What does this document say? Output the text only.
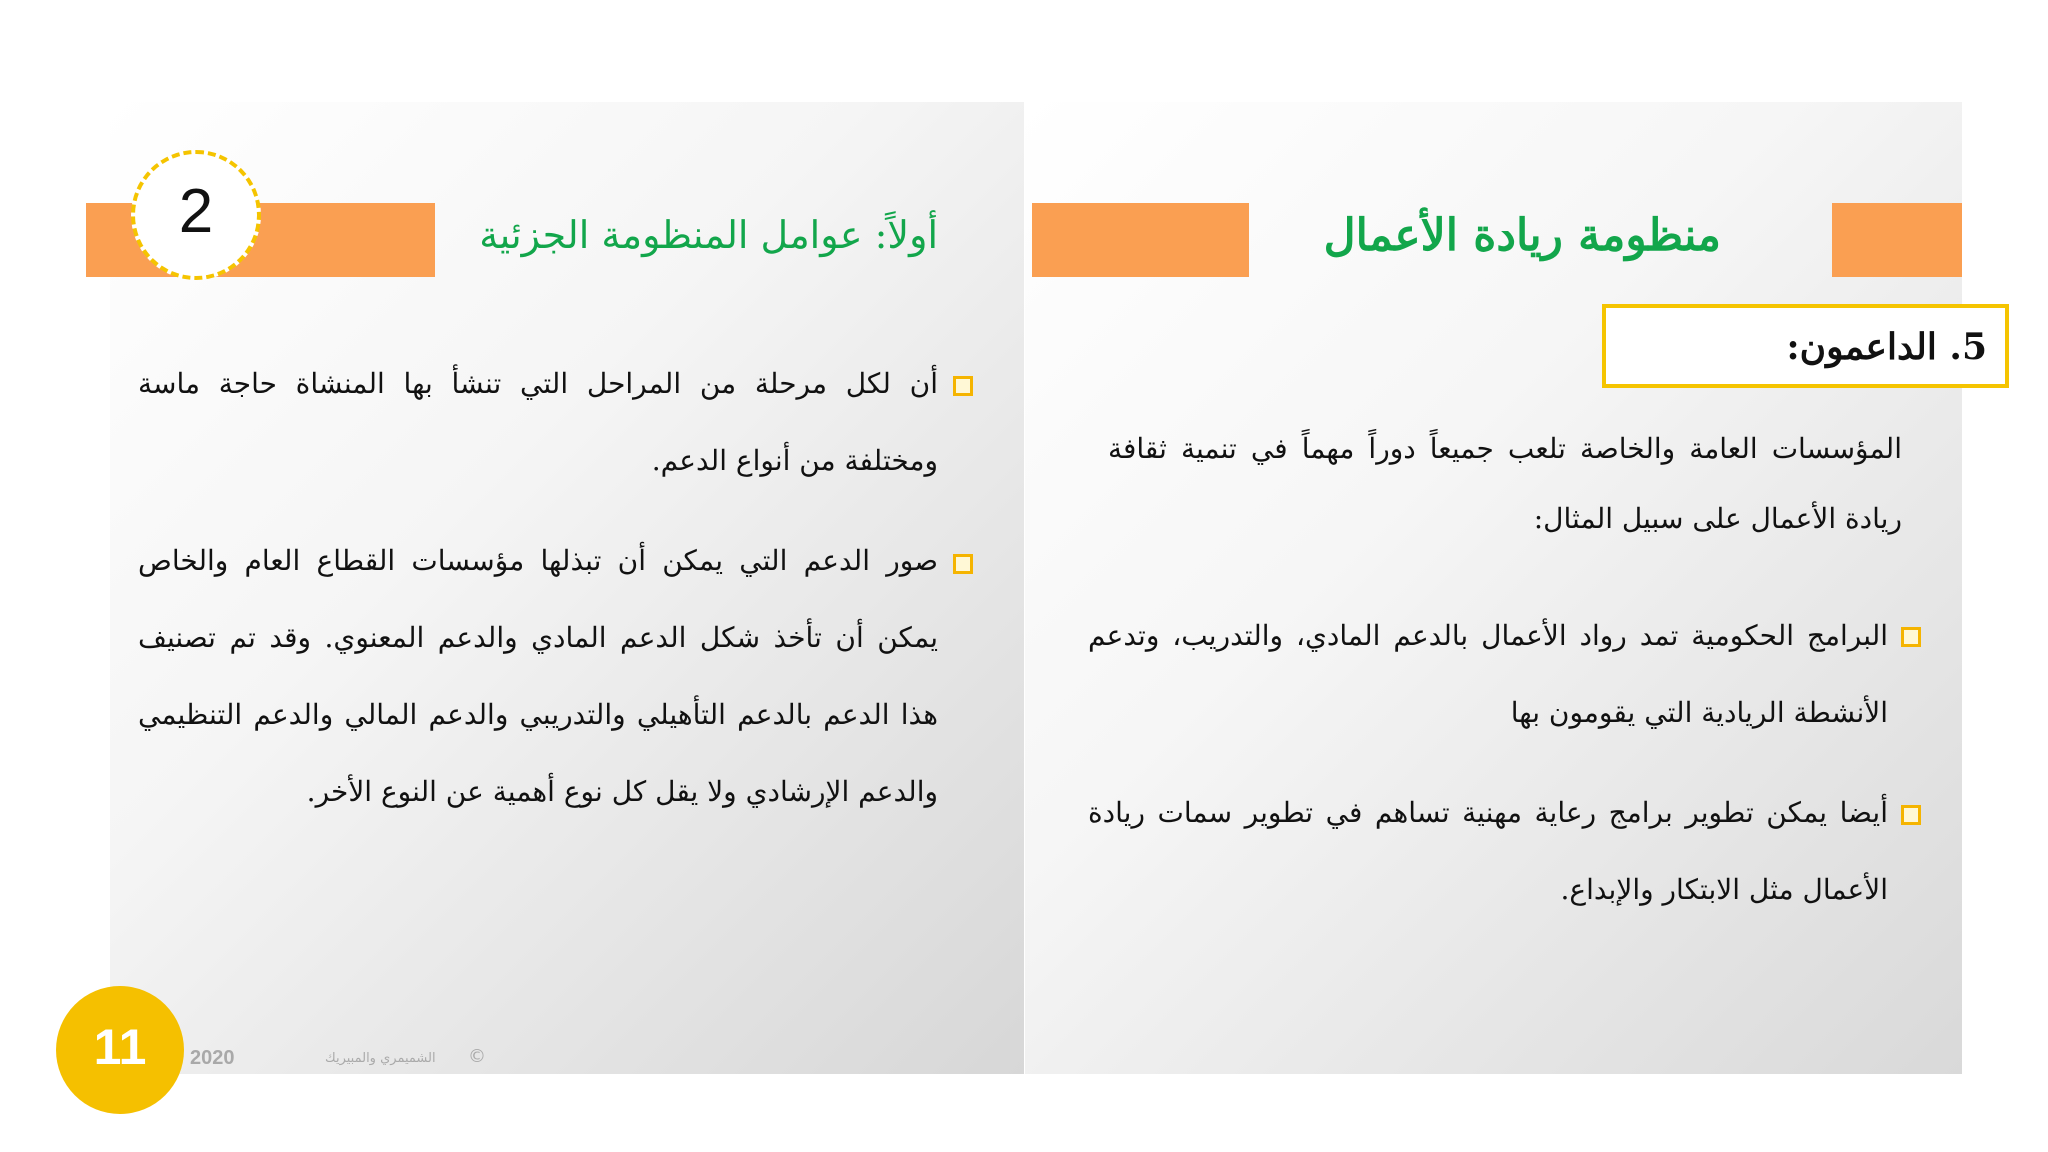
2	أولاً: عوامل المنظومة الجزئية
أن لكل مرحلة من المراحل التي تنشأ بها المنشاة حاجة ماسة ومختلفة من أنواع الدعم.
صور الدعم التي يمكن أن تبذلها مؤسسات القطاع العام والخاص يمكن أن تأخذ شكل الدعم المادي والدعم المعنوي. وقد تم تصنيف هذا الدعم بالدعم التأهيلي والتدريبي والدعم المالي والدعم التنظيمي والدعم الإرشادي ولا يقل كل نوع أهمية عن النوع الأخر.
منظومة ريادة الأعمال
5. الداعمون:
المؤسسات العامة والخاصة تلعب جميعاً دوراً مهماً في تنمية ثقافة ريادة الأعمال على سبيل المثال:
البرامج الحكومية تمد رواد الأعمال بالدعم المادي، والتدريب، وتدعم الأنشطة الريادية التي يقومون بها
أيضا يمكن تطوير برامج رعاية مهنية تساهم في تطوير سمات ريادة الأعمال مثل الابتكار والإبداع.
11	2020	الشميمري والمبيريك ©
